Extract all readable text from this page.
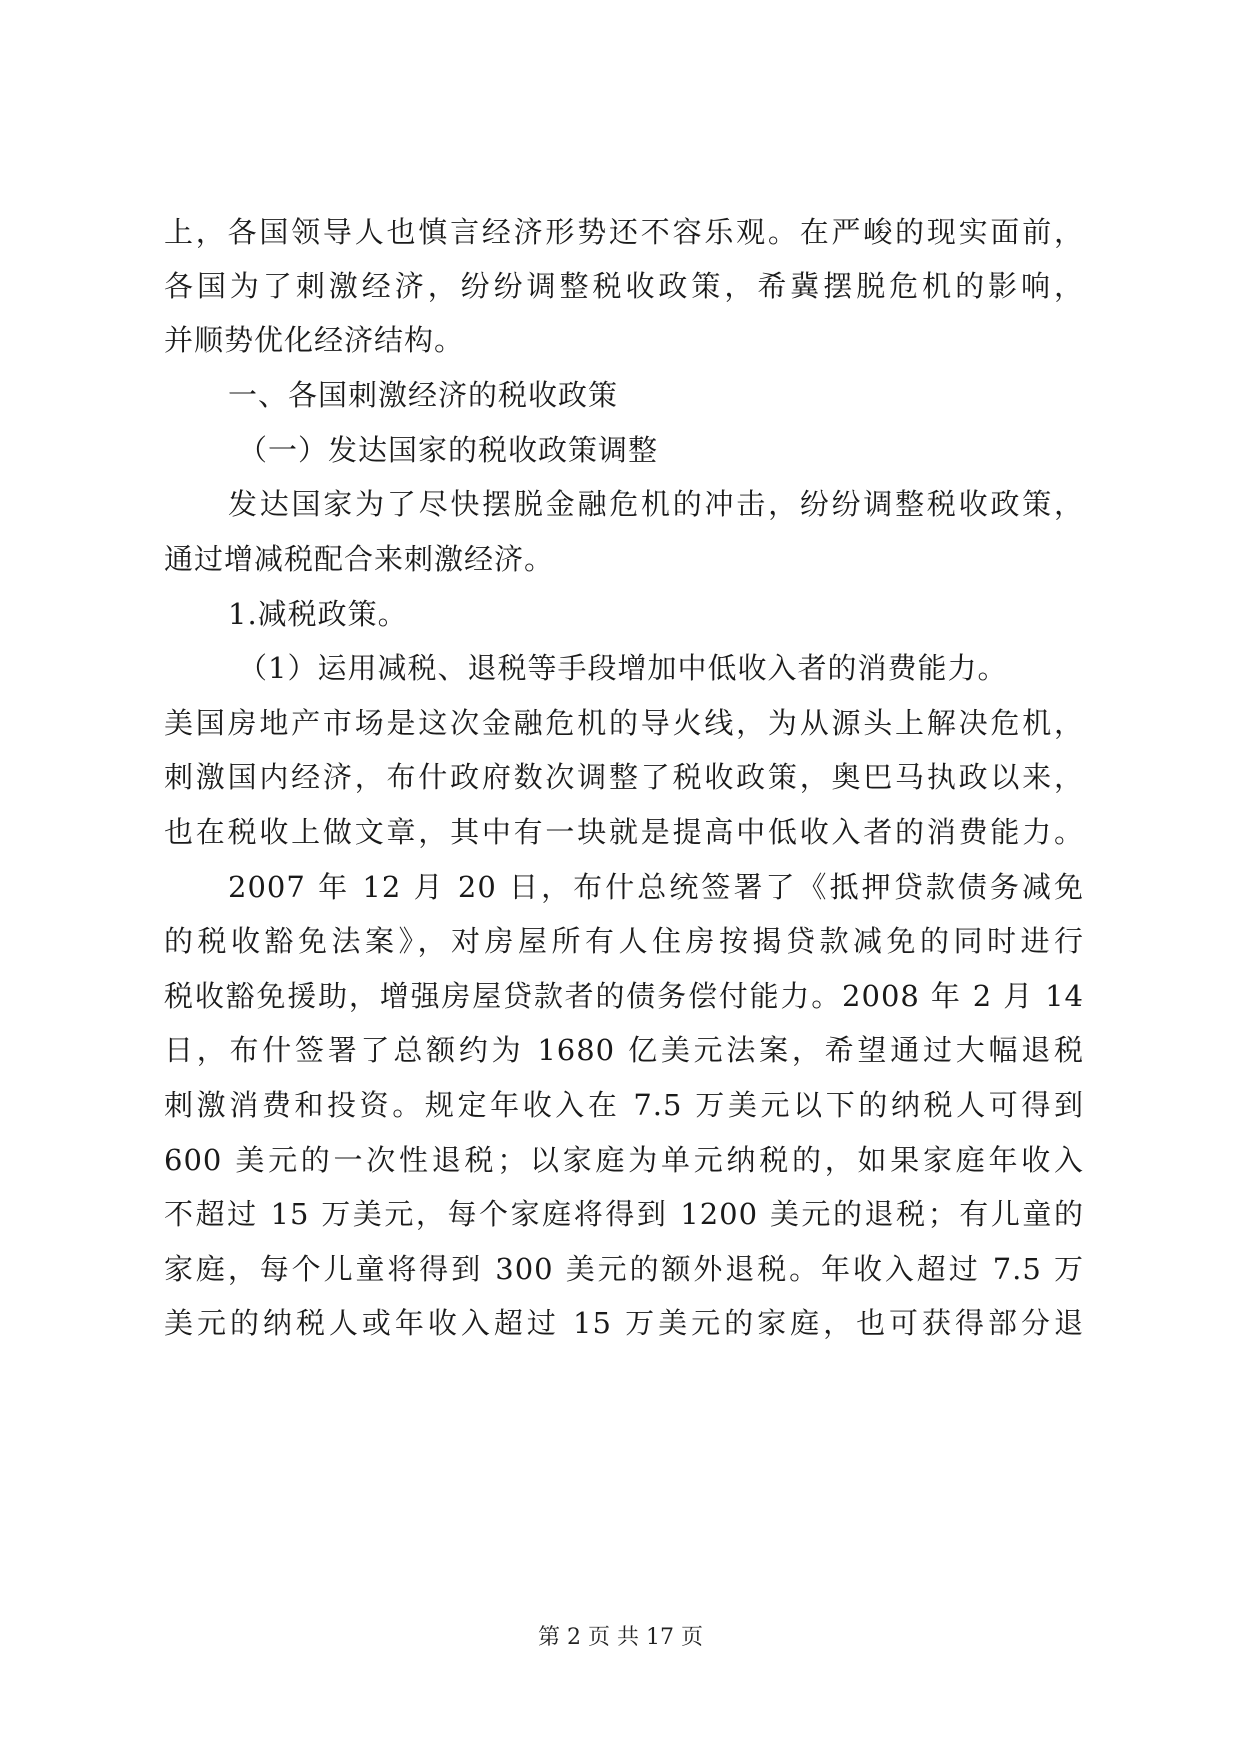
上，各国领导人也慎言经济形势还不容乐观。在严峻的现实面前，
各国为了刺激经济，纷纷调整税收政策，希冀摆脱危机的影响，
并顺势优化经济结构。
一、各国刺激经济的税收政策
（一）发达国家的税收政策调整
发达国家为了尽快摆脱金融危机的冲击，纷纷调整税收政策，
通过增减税配合来刺激经济。
1.减税政策。
（1）运用减税、退税等手段增加中低收入者的消费能力。
美国房地产市场是这次金融危机的导火线，为从源头上解决危机，
刺激国内经济，布什政府数次调整了税收政策，奥巴马执政以来，
也在税收上做文章，其中有一块就是提高中低收入者的消费能力。
2007 年 12 月 20 日，布什总统签署了《抵押贷款债务减免
的税收豁免法案》，对房屋所有人住房按揭贷款减免的同时进行
税收豁免援助，增强房屋贷款者的债务偿付能力。2008 年 2 月 14
日，布什签署了总额约为 1680 亿美元法案，希望通过大幅退税
刺激消费和投资。规定年收入在 7.5 万美元以下的纳税人可得到
600 美元的一次性退税；以家庭为单元纳税的，如果家庭年收入
不超过 15 万美元，每个家庭将得到 1200 美元的退税；有儿童的
家庭，每个儿童将得到 300 美元的额外退税。年收入超过 7.5 万
美元的纳税人或年收入超过 15 万美元的家庭，也可获得部分退
第 2 页 共 17 页
